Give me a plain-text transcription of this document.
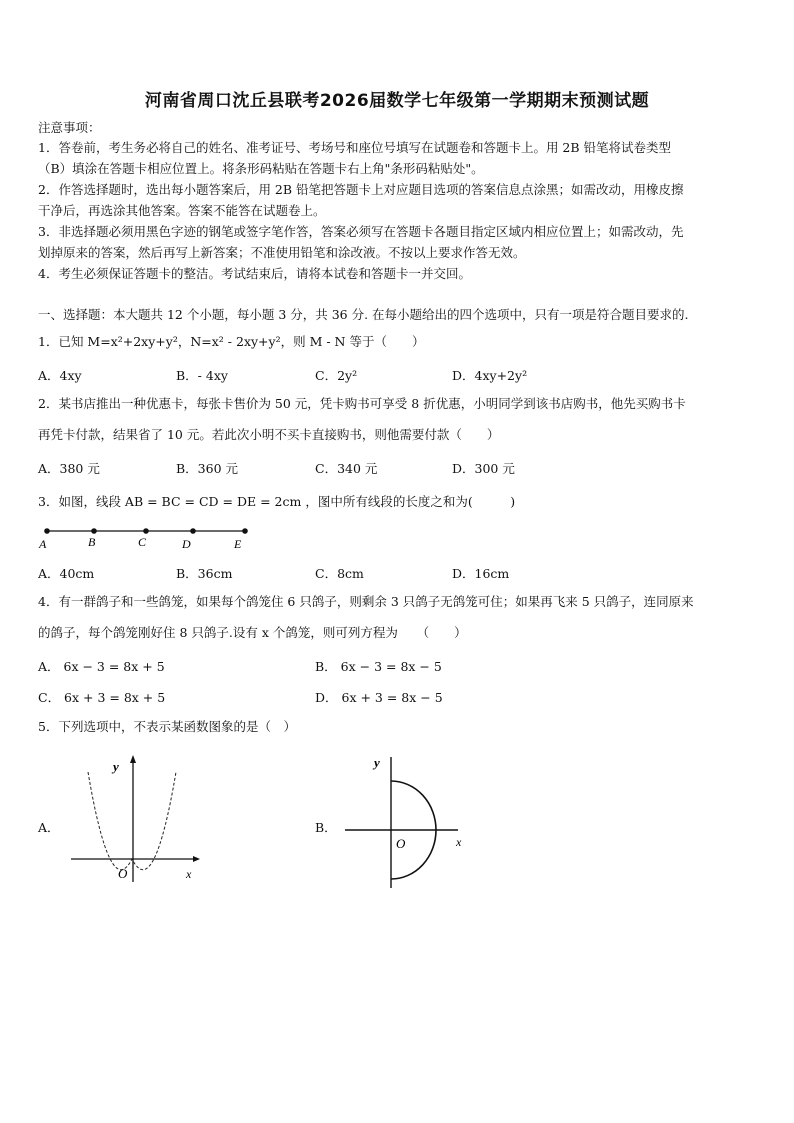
河南省周口沈丘县联考2026届数学七年级第一学期期末预测试题
注意事项：
1．答卷前，考生务必将自己的姓名、准考证号、考场号和座位号填写在试题卷和答题卡上。用 2B 铅笔将试卷类型
（B）填涂在答题卡相应位置上。将条形码粘贴在答题卡右上角"条形码粘贴处"。
2．作答选择题时，选出每小题答案后，用 2B 铅笔把答题卡上对应题目选项的答案信息点涂黑；如需改动，用橡皮擦
干净后，再选涂其他答案。答案不能答在试题卷上。
3．非选择题必须用黑色字迹的钢笔或签字笔作答，答案必须写在答题卡各题目指定区域内相应位置上；如需改动，先
划掉原来的答案，然后再写上新答案；不准使用铅笔和涂改液。不按以上要求作答无效。
4．考生必须保证答题卡的整洁。考试结束后，请将本试卷和答题卡一并交回。
一、选择题：本大题共 12 个小题，每小题 3 分，共 36 分. 在每小题给出的四个选项中，只有一项是符合题目要求的.
1．已知 M=x²+2xy+y²，N=x² - 2xy+y²，则 M - N 等于（　　）
A．4xy	B．- 4xy	C．2y²	D．4xy+2y²
2．某书店推出一种优惠卡，每张卡售价为 50 元，凭卡购书可享受 8 折优惠，小明同学到该书店购书，他先买购书卡
再凭卡付款，结果省了 10 元。若此次小明不买卡直接购书，则他需要付款（　　）
A．380 元	B．360 元	C．340 元	D．300 元
3．如图，线段 AB = BC = CD = DE = 2cm ，图中所有线段的长度之和为(　　　)
A	B	C	D	E
A．40cm	B．36cm	C．8cm	D．16cm
4．有一群鸽子和一些鸽笼，如果每个鸽笼住 6 只鸽子，则剩余 3 只鸽子无鸽笼可住；如果再飞来 5 只鸽子，连同原来
的鸽子，每个鸽笼刚好住 8 只鸽子.设有 x 个鸽笼，则可列方程为　　（　　）
A． 6x − 3 = 8x + 5	B． 6x − 3 = 8x − 5
C． 6x + 3 = 8x + 5	D． 6x + 3 = 8x − 5
5．下列选项中，不表示某函数图象的是（　）
A．
y
O	x
B．
y
O	x
